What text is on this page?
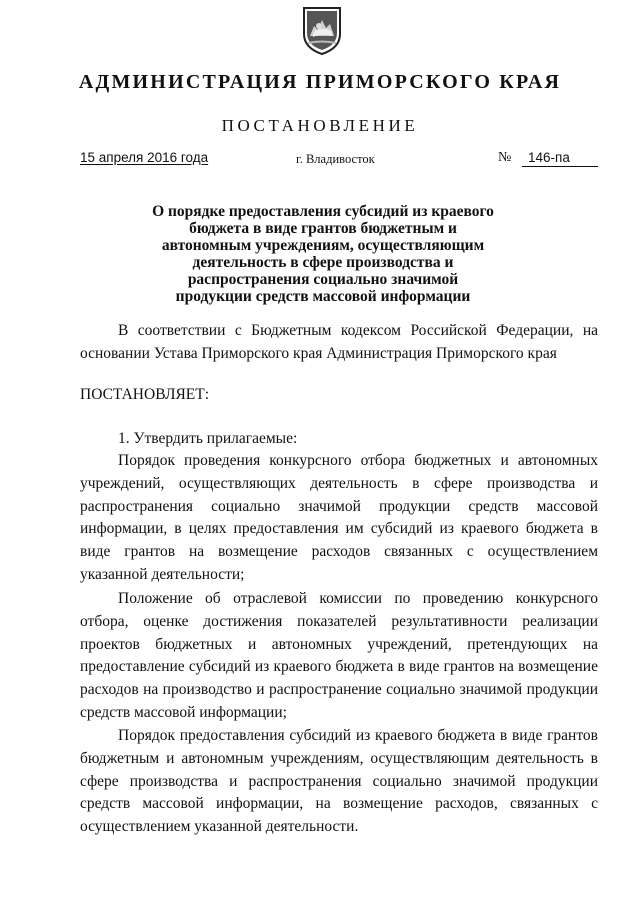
АДМИНИСТРАЦИЯ ПРИМОРСКОГО КРАЯ
ПОСТАНОВЛЕНИЕ
15 апреля 2016 года	г. Владивосток	№	146-па
О порядке предоставления субсидий из краевого бюджета в виде грантов бюджетным и автономным учреждениям, осуществляющим деятельность в сфере производства и распространения социально значимой продукции средств массовой информации
В соответствии с Бюджетным кодексом Российской Федерации, на основании Устава Приморского края Администрация Приморского края
ПОСТАНОВЛЯЕТ:
1. Утвердить прилагаемые:
Порядок проведения конкурсного отбора бюджетных и автономных учреждений, осуществляющих деятельность в сфере производства и распространения социально значимой продукции средств массовой информации, в целях предоставления им субсидий из краевого бюджета в виде грантов на возмещение расходов связанных с осуществлением указанной деятельности;
Положение об отраслевой комиссии по проведению конкурсного отбора, оценке достижения показателей результативности реализации проектов бюджетных и автономных учреждений, претендующих на предоставление субсидий из краевого бюджета в виде грантов на возмещение расходов на производство и распространение социально значимой продукции средств массовой информации;
Порядок предоставления субсидий из краевого бюджета в виде грантов бюджетным и автономным учреждениям, осуществляющим деятельность в сфере производства и распространения социально значимой продукции средств массовой информации, на возмещение расходов, связанных с осуществлением указанной деятельности.
